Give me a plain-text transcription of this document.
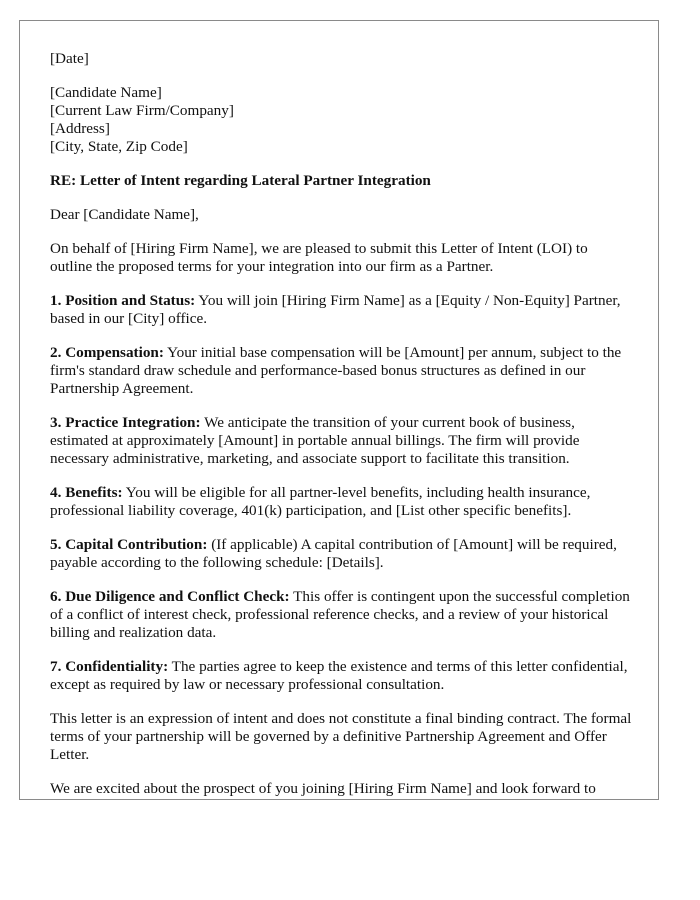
[Date]
[Candidate Name]
[Current Law Firm/Company]
[Address]
[City, State, Zip Code]

RE: Letter of Intent regarding Lateral Partner Integration

Dear [Candidate Name],

On behalf of [Hiring Firm Name], we are pleased to submit this Letter of Intent (LOI) to outline the proposed terms for your integration into our firm as a Partner.

1. Position and Status: You will join [Hiring Firm Name] as a [Equity / Non-Equity] Partner, based in our [City] office.

2. Compensation: Your initial base compensation will be [Amount] per annum, subject to the firm's standard draw schedule and performance-based bonus structures as defined in our Partnership Agreement.

3. Practice Integration: We anticipate the transition of your current book of business, estimated at approximately [Amount] in portable annual billings. The firm will provide necessary administrative, marketing, and associate support to facilitate this transition.

4. Benefits: You will be eligible for all partner-level benefits, including health insurance, professional liability coverage, 401(k) participation, and [List other specific benefits].

5. Capital Contribution: (If applicable) A capital contribution of [Amount] will be required, payable according to the following schedule: [Details].

6. Due Diligence and Conflict Check: This offer is contingent upon the successful completion of a conflict of interest check, professional reference checks, and a review of your historical billing and realization data.

7. Confidentiality: The parties agree to keep the existence and terms of this letter confidential, except as required by law or necessary professional consultation.

This letter is an expression of intent and does not constitute a final binding contract. The formal terms of your partnership will be governed by a definitive Partnership Agreement and Offer Letter.

We are excited about the prospect of you joining [Hiring Firm Name] and look forward to
